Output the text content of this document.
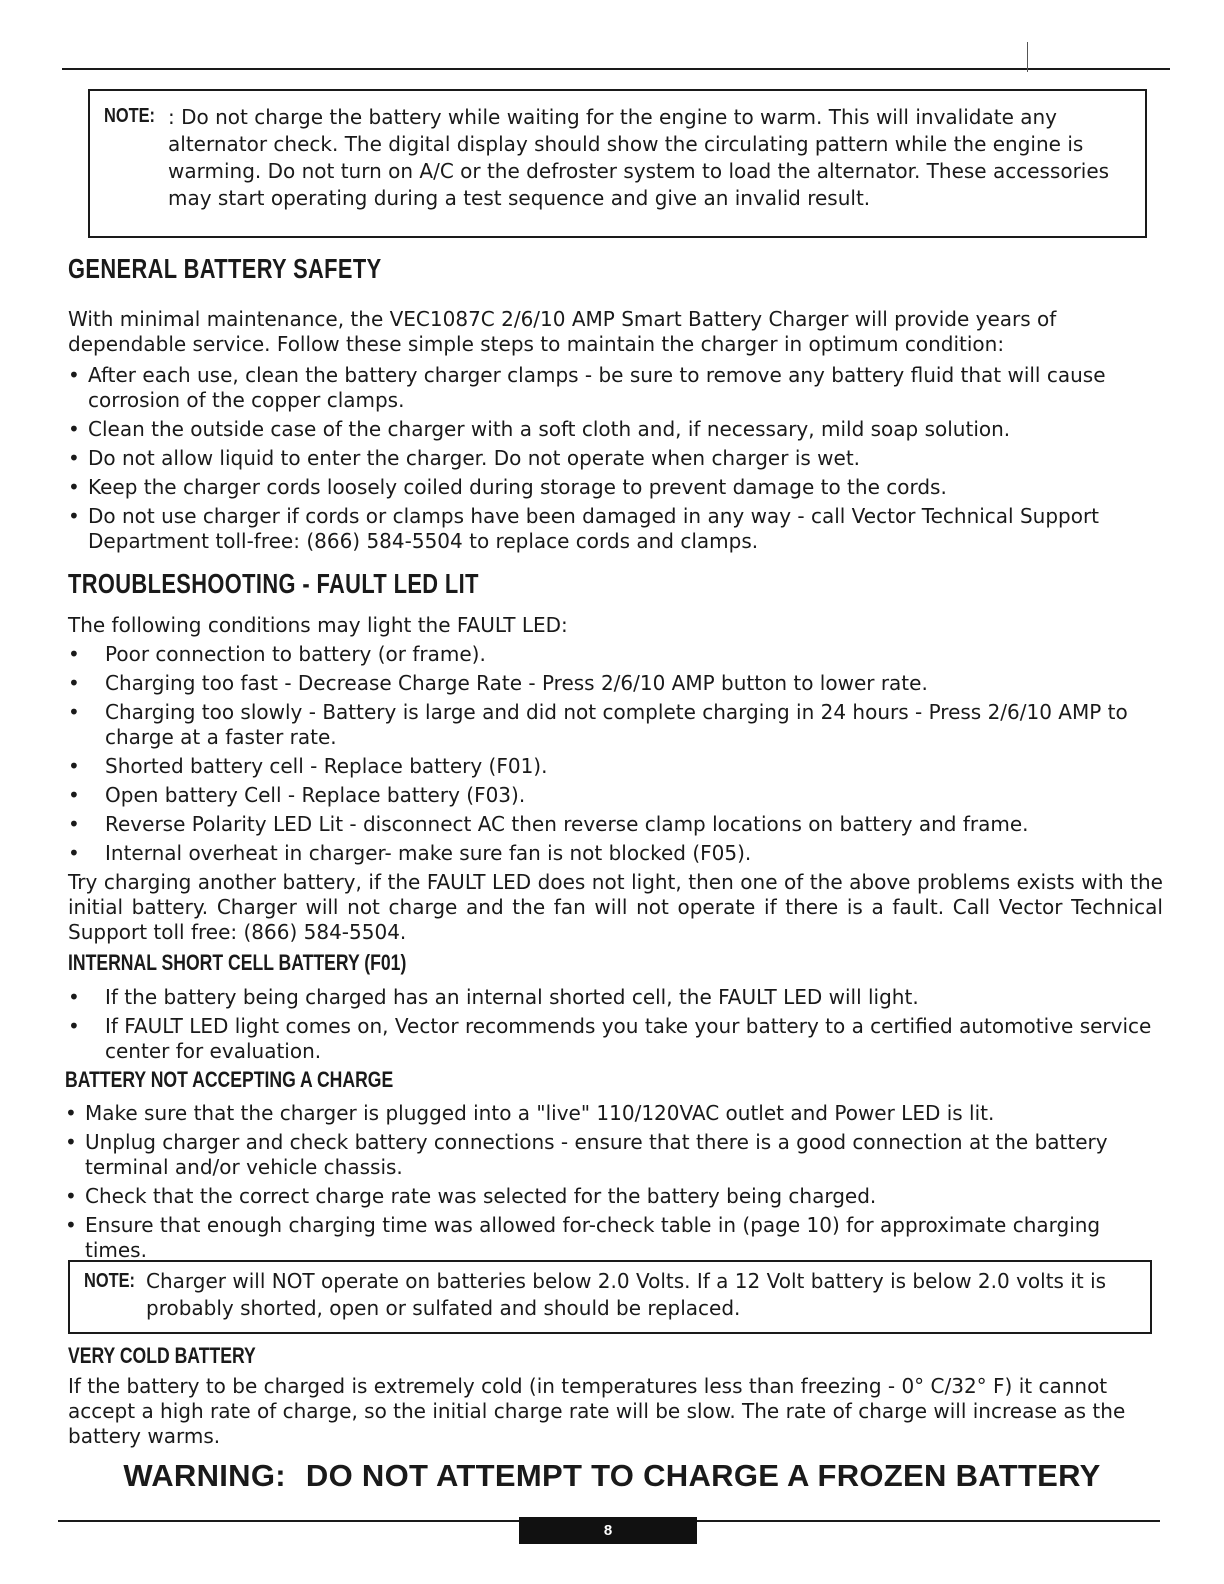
NOTE: : Do not charge the battery while waiting for the engine to warm. This will invalidate any alternator check. The digital display should show the circulating pattern while the engine is warming. Do not turn on A/C or the defroster system to load the alternator. These accessories may start operating during a test sequence and give an invalid result.
GENERAL BATTERY SAFETY
With minimal maintenance, the VEC1087C 2/6/10 AMP Smart Battery Charger will provide years of dependable service. Follow these simple steps to maintain the charger in optimum condition:
• After each use, clean the battery charger clamps - be sure to remove any battery fluid that will cause corrosion of the copper clamps.
• Clean the outside case of the charger with a soft cloth and, if necessary, mild soap solution.
• Do not allow liquid to enter the charger. Do not operate when charger is wet.
• Keep the charger cords loosely coiled during storage to prevent damage to the cords.
• Do not use charger if cords or clamps have been damaged in any way - call Vector Technical Support Department toll-free: (866) 584-5504 to replace cords and clamps.
TROUBLESHOOTING - FAULT LED LIT
The following conditions may light the FAULT LED:
• Poor connection to battery (or frame).
• Charging too fast - Decrease Charge Rate - Press 2/6/10 AMP button to lower rate.
• Charging too slowly - Battery is large and did not complete charging in 24 hours - Press 2/6/10 AMP to charge at a faster rate.
• Shorted battery cell - Replace battery (F01).
• Open battery Cell - Replace battery (F03).
• Reverse Polarity LED Lit - disconnect AC then reverse clamp locations on battery and frame.
• Internal overheat in charger- make sure fan is not blocked (F05).
Try charging another battery, if the FAULT LED does not light, then one of the above problems exists with the initial battery. Charger will not charge and the fan will not operate if there is a fault. Call Vector Technical Support toll free: (866) 584-5504.
INTERNAL SHORT CELL BATTERY (F01)
• If the battery being charged has an internal shorted cell, the FAULT LED will light.
• If FAULT LED light comes on, Vector recommends you take your battery to a certified automotive service center for evaluation.
BATTERY NOT ACCEPTING A CHARGE
• Make sure that the charger is plugged into a "live" 110/120VAC outlet and Power LED is lit.
• Unplug charger and check battery connections - ensure that there is a good connection at the battery terminal and/or vehicle chassis.
• Check that the correct charge rate was selected for the battery being charged.
• Ensure that enough charging time was allowed for-check table in (page 10) for approximate charging times.
NOTE: Charger will NOT operate on batteries below 2.0 Volts. If a 12 Volt battery is below 2.0 volts it is probably shorted, open or sulfated and should be replaced.
VERY COLD BATTERY
If the battery to be charged is extremely cold (in temperatures less than freezing - 0° C/32° F) it cannot accept a high rate of charge, so the initial charge rate will be slow. The rate of charge will increase as the battery warms.
WARNING: DO NOT ATTEMPT TO CHARGE A FROZEN BATTERY
8
